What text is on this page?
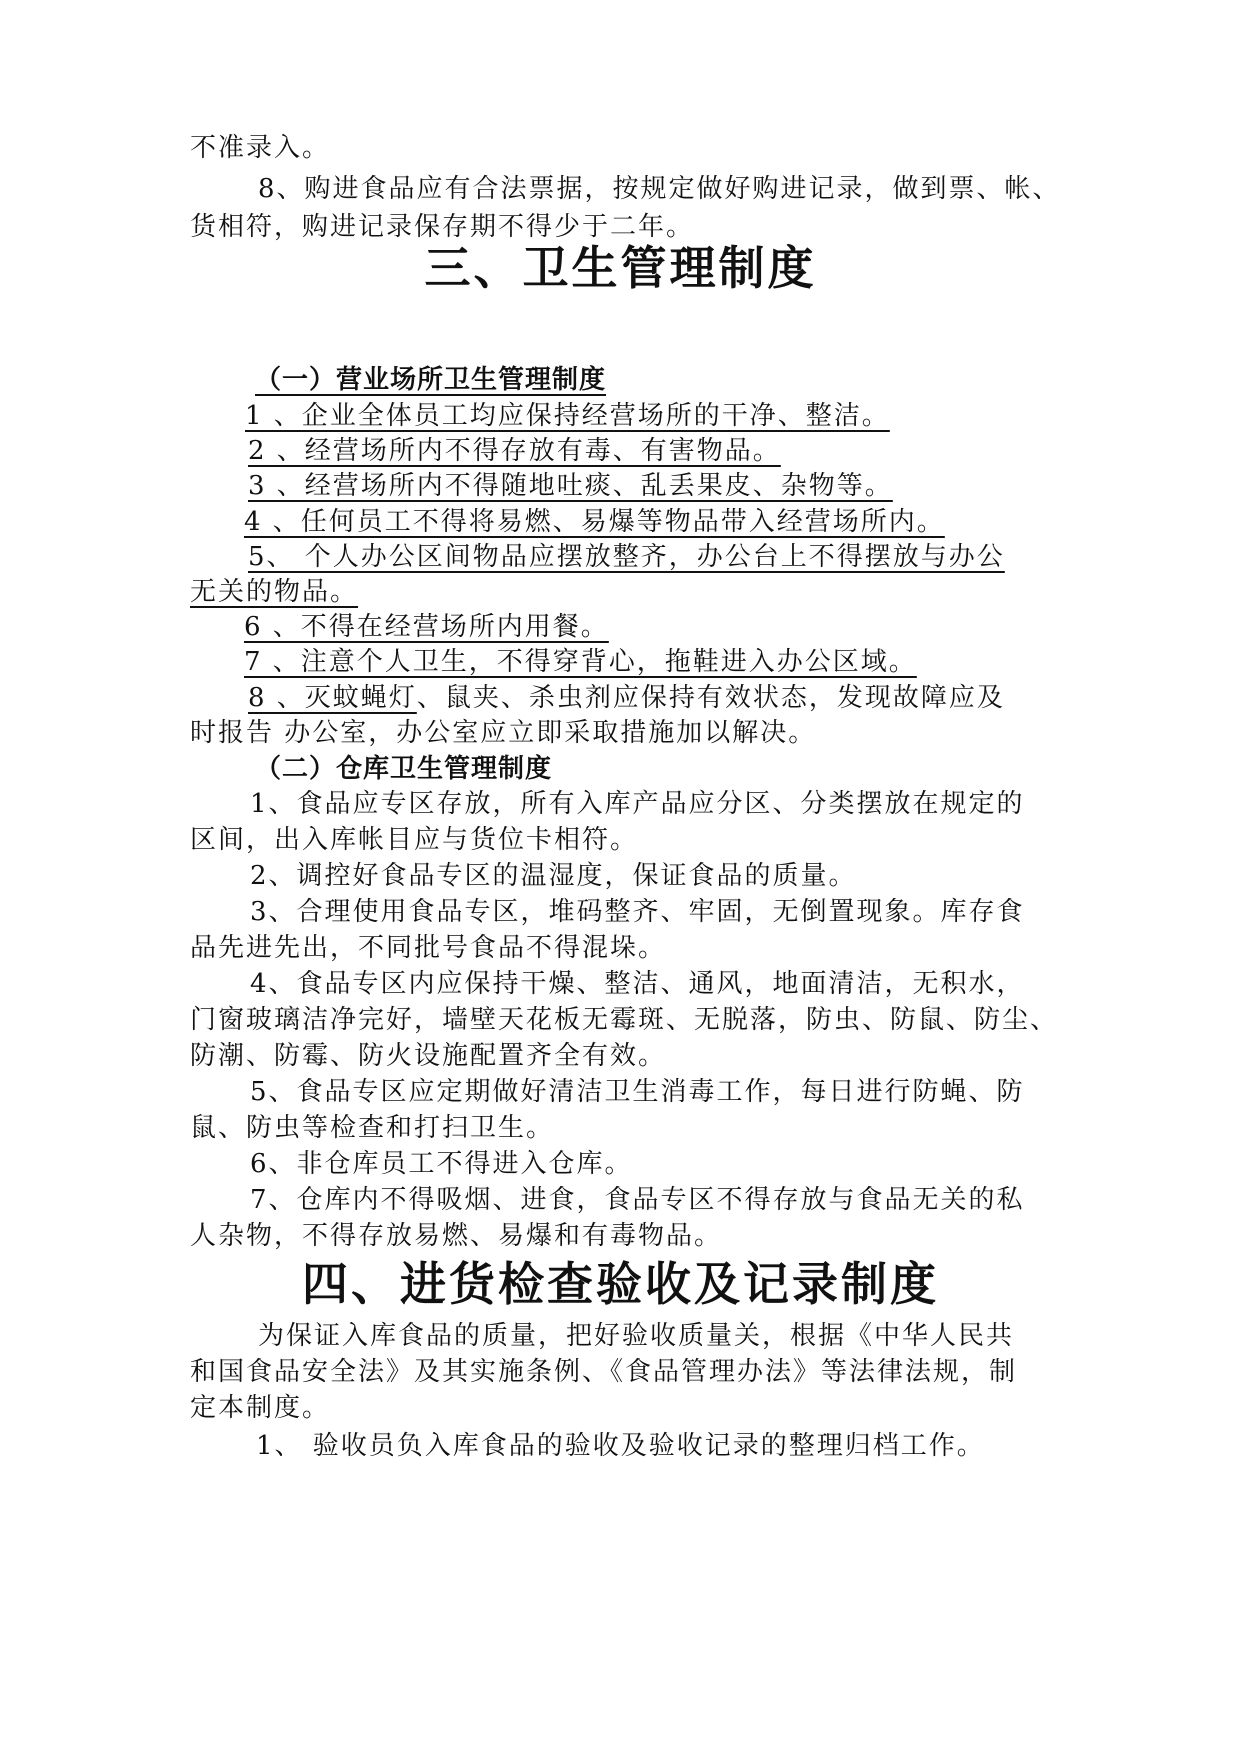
不准录入。
8、购进食品应有合法票据，按规定做好购进记录，做到票、帐、
货相符，购进记录保存期不得少于二年。
三、卫生管理制度
（一）营业场所卫生管理制度
1 、企业全体员工均应保持经营场所的干净、整洁。
2 、经营场所内不得存放有毒、有害物品。
3 、经营场所内不得随地吐痰、乱丢果皮、杂物等。
4 、任何员工不得将易燃、易爆等物品带入经营场所内。
5、 个人办公区间物品应摆放整齐，办公台上不得摆放与办公
无关的物品。
6 、不得在经营场所内用餐。
7 、注意个人卫生，不得穿背心，拖鞋进入办公区域。
8 、灭蚊蝇灯、鼠夹、杀虫剂应保持有效状态，发现故障应及
时报告 办公室，办公室应立即采取措施加以解决。
（二）仓库卫生管理制度
1、食品应专区存放，所有入库产品应分区、分类摆放在规定的
区间，出入库帐目应与货位卡相符。
2、调控好食品专区的温湿度，保证食品的质量。
3、合理使用食品专区，堆码整齐、牢固，无倒置现象。库存食
品先进先出，不同批号食品不得混垛。
4、食品专区内应保持干燥、整洁、通风，地面清洁，无积水，
门窗玻璃洁净完好，墙壁天花板无霉斑、无脱落，防虫、防鼠、防尘、
防潮、防霉、防火设施配置齐全有效。
5、食品专区应定期做好清洁卫生消毒工作，每日进行防蝇、防
鼠、防虫等检查和打扫卫生。
6、非仓库员工不得进入仓库。
7、仓库内不得吸烟、进食，食品专区不得存放与食品无关的私
人杂物，不得存放易燃、易爆和有毒物品。
四、进货检查验收及记录制度
为保证入库食品的质量，把好验收质量关，根据《中华人民共
和国食品安全法》及其实施条例、《食品管理办法》等法律法规，制
定本制度。
1、 验收员负入库食品的验收及验收记录的整理归档工作。
